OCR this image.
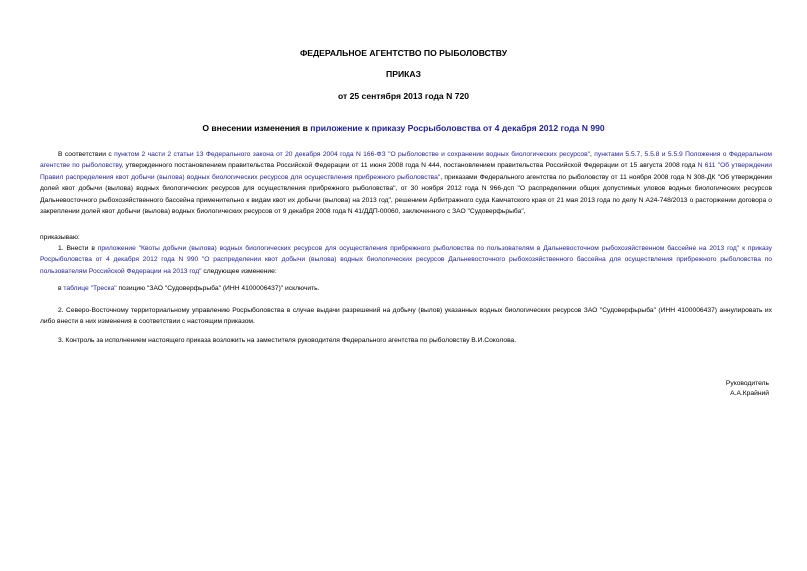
ФЕДЕРАЛЬНОЕ АГЕНТСТВО ПО РЫБОЛОВСТВУ
ПРИКАЗ
от 25 сентября 2013 года N 720
О внесении изменения в приложение к приказу Росрыболовства от 4 декабря 2012 года N 990

В соответствии с пунктом 2 части 2 статьи 13 Федерального закона от 20 декабря 2004 года N 166-ФЗ "О рыболовстве и сохранении водных биологических ресурсов", пунктами 5.5.7, 5.5.8 и 5.5.9 Положения о Федеральном агентстве по рыболовству, утвержденного постановлением правительства Российской Федерации от 11 июня 2008 года N 444, постановлением правительства Российской Федерации от 15 августа 2008 года N 611 "Об утверждении Правил распределения квот добычи (вылова) водных биологических ресурсов для осуществления прибрежного рыболовства", приказами Федерального агентства по рыболовству от 11 ноября 2008 года N 308-ДК "Об утверждении долей квот добычи (вылова) водных биологических ресурсов для осуществления прибрежного рыболовства", от 30 ноября 2012 года N 966-дсп "О распределении общих допустимых уловов водных биологических ресурсов Дальневосточного рыбохозяйственного бассейна применительно к видам квот их добычи (вылова) на 2013 год", решением Арбитражного суда Камчатского края от 21 мая 2013 года по делу N А24-748/2013 о расторжении договора о закреплении долей квот добычи (вылова) водных биологических ресурсов от 9 декабря 2008 года N 41/ДДП-00060, заключенного с ЗАО "Судоверфьрыба",

приказываю:

1. Внести в приложение "Квоты добычи (вылова) водных биологических ресурсов для осуществления прибрежного рыболовства по пользователям в Дальневосточном рыбохозяйственном бассейне на 2013 год" к приказу Росрыболовства от 4 декабря 2012 года N 990 "О распределении квот добычи (вылова) водных биологических ресурсов Дальневосточного рыбохозяйственного бассейна для осуществления прибрежного рыболовства по пользователям Российской Федерации на 2013 год" следующее изменение:

в таблице "Треска" позицию "ЗАО "Судоверфьрыба" (ИНН 4100006437)" исключить.

2. Северо-Восточному территориальному управлению Росрыболовства в случае выдачи разрешений на добычу (вылов) указанных водных биологических ресурсов ЗАО "Судоверфьрыба" (ИНН 4100006437) аннулировать их либо внести в них изменения в соответствии с настоящим приказом.

3. Контроль за исполнением настоящего приказа возложить на заместителя руководителя Федерального агентства по рыболовству В.И.Соколова.

Руководитель
А.А.Крайний
